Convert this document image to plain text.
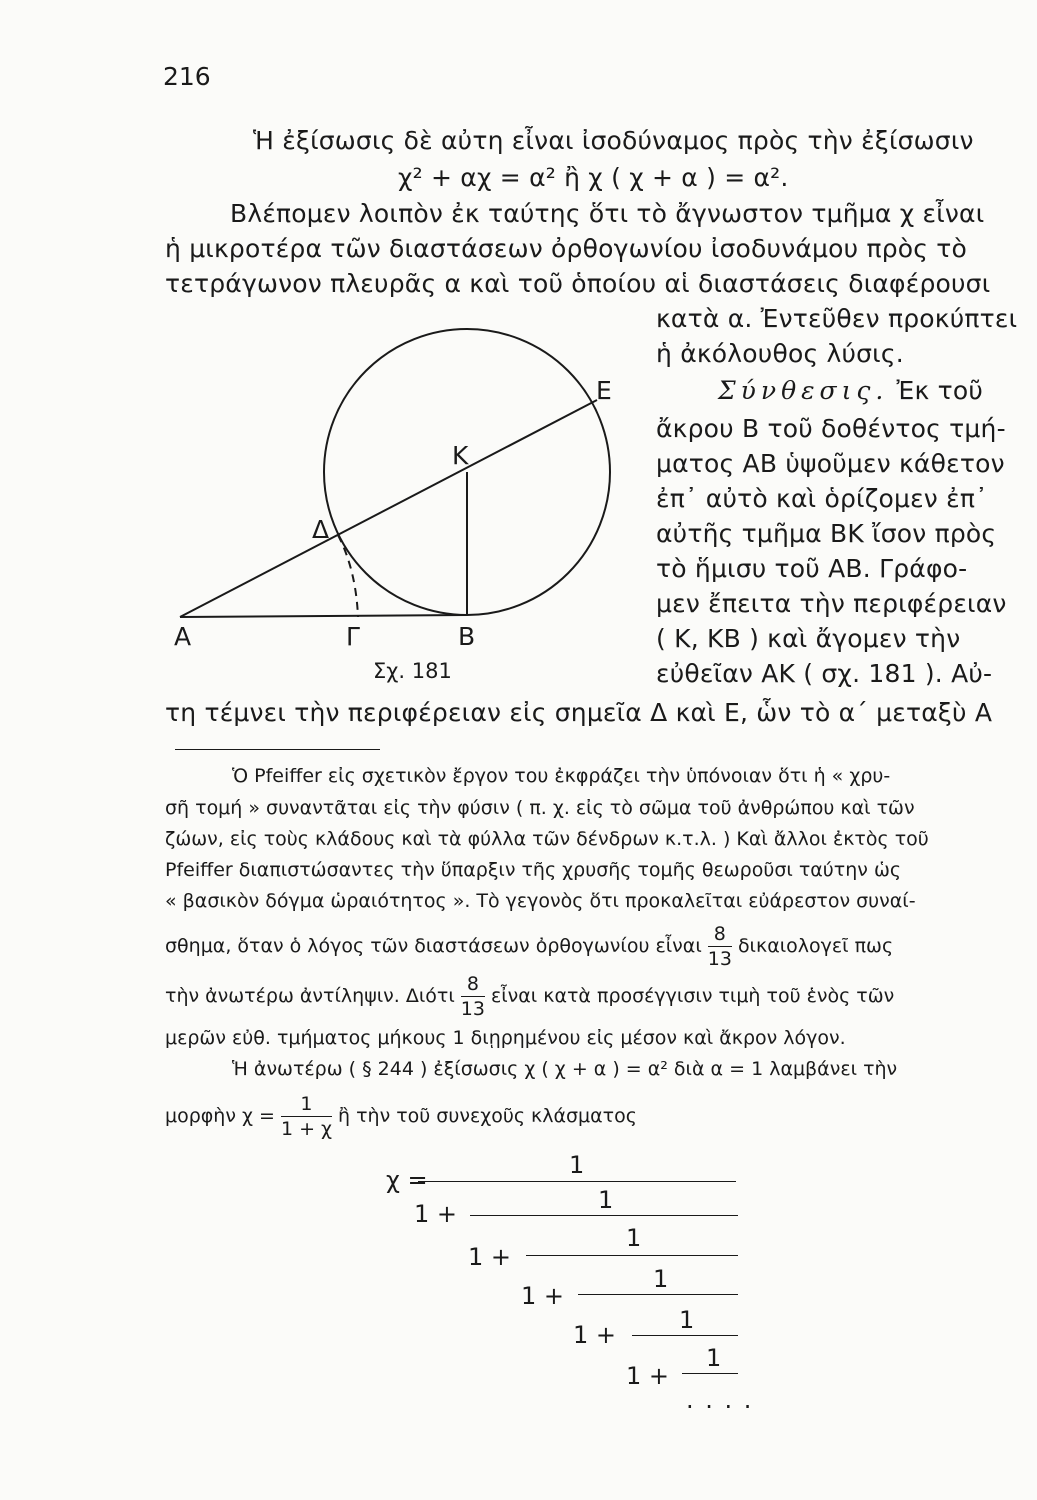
216
Ἡ ἐξίσωσις δὲ αὐτη εἶναι ἰσοδύναμος πρὸς τὴν ἐξίσωσιν
χ² + αχ = α² ἢ χ ( χ + α ) = α².
Βλέπομεν λοιπὸν ἐκ ταύτης ὅτι τὸ ἄγνωστον τμῆμα χ εἶναι
ἡ μικροτέρα τῶν διαστάσεων ὀρθογωνίου ἰσοδυνάμου πρὸς τὸ
τετράγωνον πλευρᾶς α καὶ τοῦ ὁποίου αἱ διαστάσεις διαφέρουσι
κατὰ α. Ἐντεῦθεν προκύπτει
ἡ ἀκόλουθος λύσις.
Σύνθεσις. Ἐκ τοῦ
ἄκρου Β τοῦ δοθέντος τμή-
ματος ΑΒ ὑψοῦμεν κάθετον
ἐπ᾿ αὐτὸ καὶ ὁρίζομεν ἐπ᾿
αὐτῆς τμῆμα ΒΚ ἴσον πρὸς
τὸ ἥμισυ τοῦ ΑΒ. Γράφο-
μεν ἔπειτα τὴν περιφέρειαν
( Κ, ΚΒ ) καὶ ἄγομεν τὴν
εὐθεῖαν ΑΚ ( σχ. 181 ). Αὐ-
τη τέμνει τὴν περιφέρειαν εἰς σημεῖα Δ καὶ Ε, ὧν τὸ α΄ μεταξὺ Α
Α	Γ	Β
Δ
Κ
Ε
Σχ. 181
Ὁ Pfeiffer εἰς σχετικὸν ἔργον του ἐκφράζει τὴν ὑπόνοιαν ὅτι ἡ « χρυ-
σῆ τομή » συναντᾶται εἰς τὴν φύσιν ( π. χ. εἰς τὸ σῶμα τοῦ ἀνθρώπου καὶ τῶν
ζώων, εἰς τοὺς κλάδους καὶ τὰ φύλλα τῶν δένδρων κ.τ.λ. ) Καὶ ἄλλοι ἐκτὸς τοῦ
Pfeiffer διαπιστώσαντες τὴν ὕπαρξιν τῆς χρυσῆς τομῆς θεωροῦσι ταύτην ὡς
« βασικὸν δόγμα ὡραιότητος ». Τὸ γεγονὸς ὅτι προκαλεῖται εὐάρεστον συναί-
σθημα, ὅταν ὁ λόγος τῶν διαστάσεων ὀρθογωνίου εἶναι $\frac{8}{13}$ δικαιολογεῖ πως
τὴν ἀνωτέρω ἀντίληψιν. Διότι $\frac{8}{13}$ εἶναι κατὰ προσέγγισιν τιμὴ τοῦ ἑνὸς τῶν
μερῶν εὐθ. τμήματος μήκους 1 διῃρημένου εἰς μέσον καὶ ἄκρον λόγον.
Ἡ ἀνωτέρω ( § 244 ) ἐξίσωσις χ ( χ + α ) = α² διὰ α = 1 λαμβάνει τὴν
μορφὴν $\chi = \frac{1}{1 + \chi}$ ἢ τὴν τοῦ συνεχοῦς κλάσματος
χ =
1
1 +	1
1 +
1
1 +
1
1 +
1
1 +
1
. . . .
